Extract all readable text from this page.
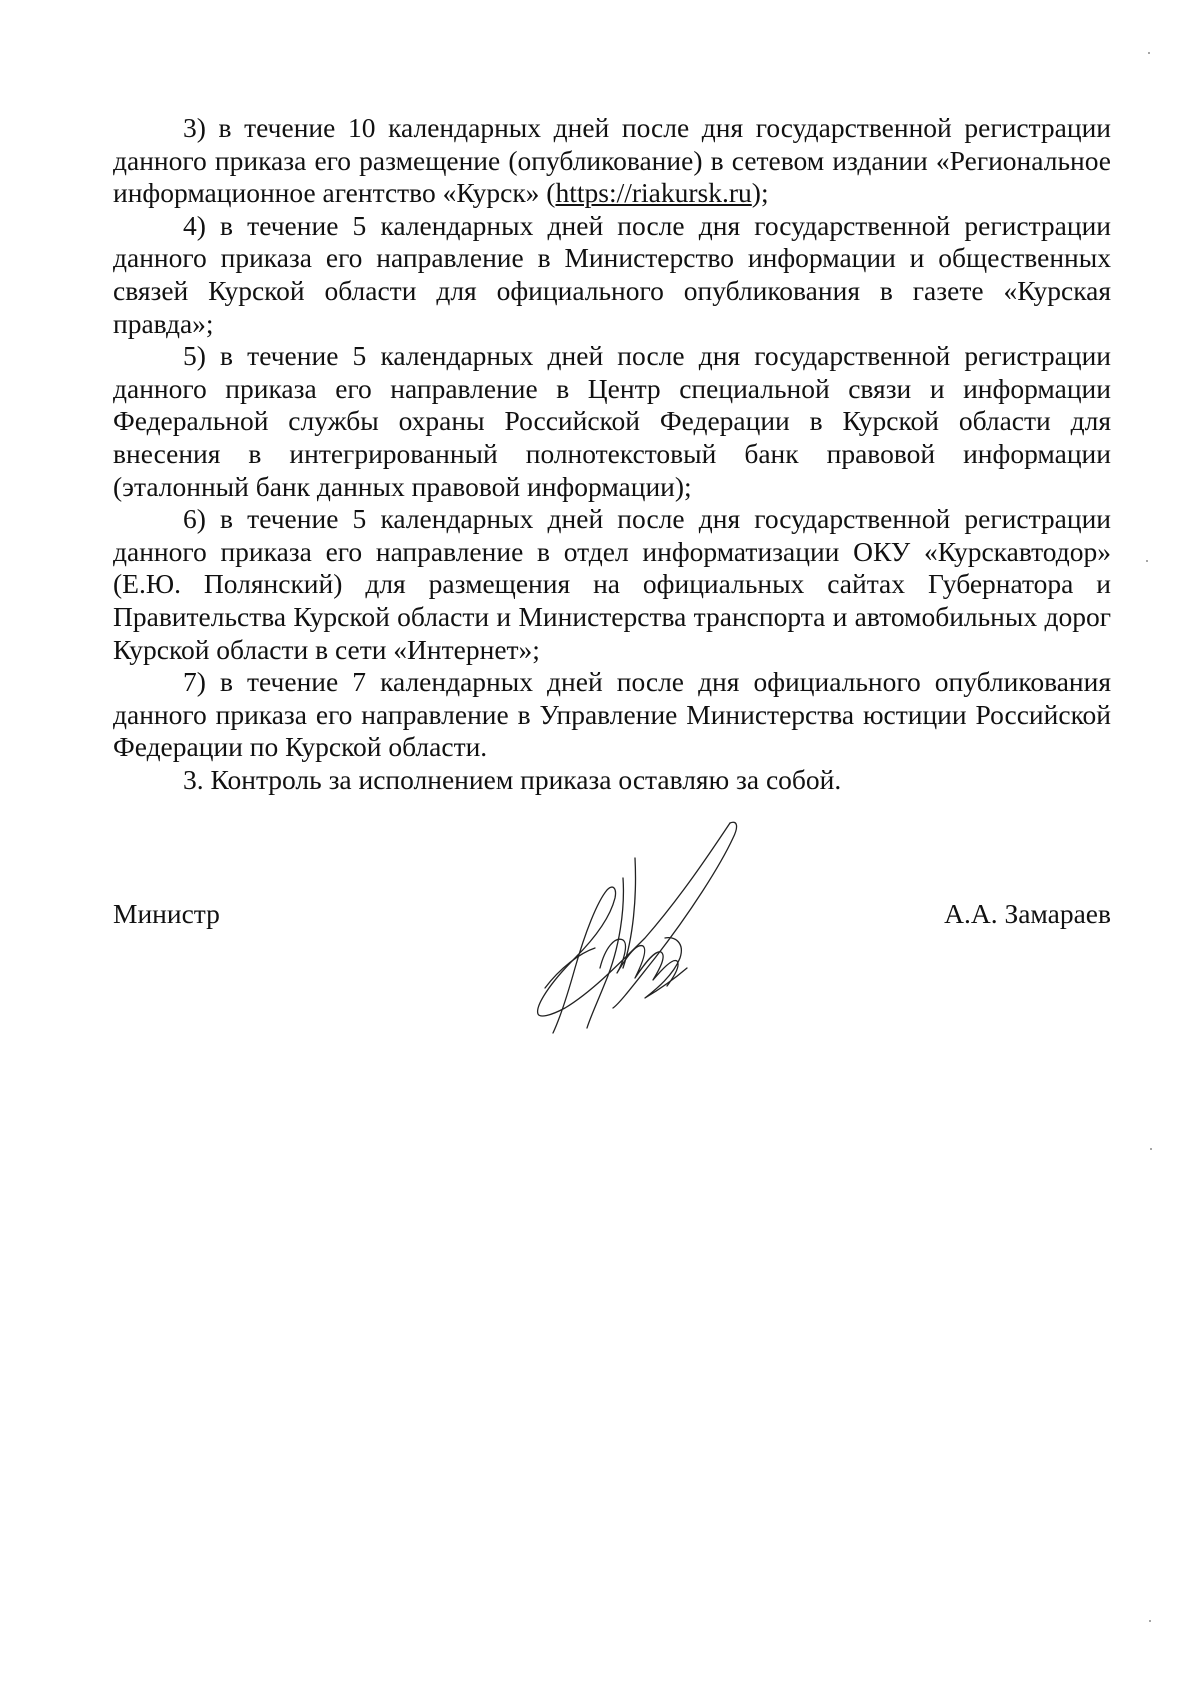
3) в течение 10 календарных дней после дня государственной регистрации данного приказа его размещение (опубликование) в сетевом издании «Региональное информационное агентство «Курск» (https://riakursk.ru);

4) в течение 5 календарных дней после дня государственной регистрации данного приказа его направление в Министерство информации и общественных связей Курской области для официального опубликования в газете «Курская правда»;

5) в течение 5 календарных дней после дня государственной регистрации данного приказа его направление в Центр специальной связи и информации Федеральной службы охраны Российской Федерации в Курской области для внесения в интегрированный полнотекстовый банк правовой информации (эталонный банк данных правовой информации);

6) в течение 5 календарных дней после дня государственной регистрации данного приказа его направление в отдел информатизации ОКУ «Курскавтодор» (Е.Ю. Полянский) для размещения на официальных сайтах Губернатора и Правительства Курской области и Министерства транспорта и автомобильных дорог Курской области в сети «Интернет»;

7) в течение 7 календарных дней после дня официального опубликования данного приказа его направление в Управление Министерства юстиции Российской Федерации по Курской области.

3. Контроль за исполнением приказа оставляю за собой.

Министр	А.А. Замараев
